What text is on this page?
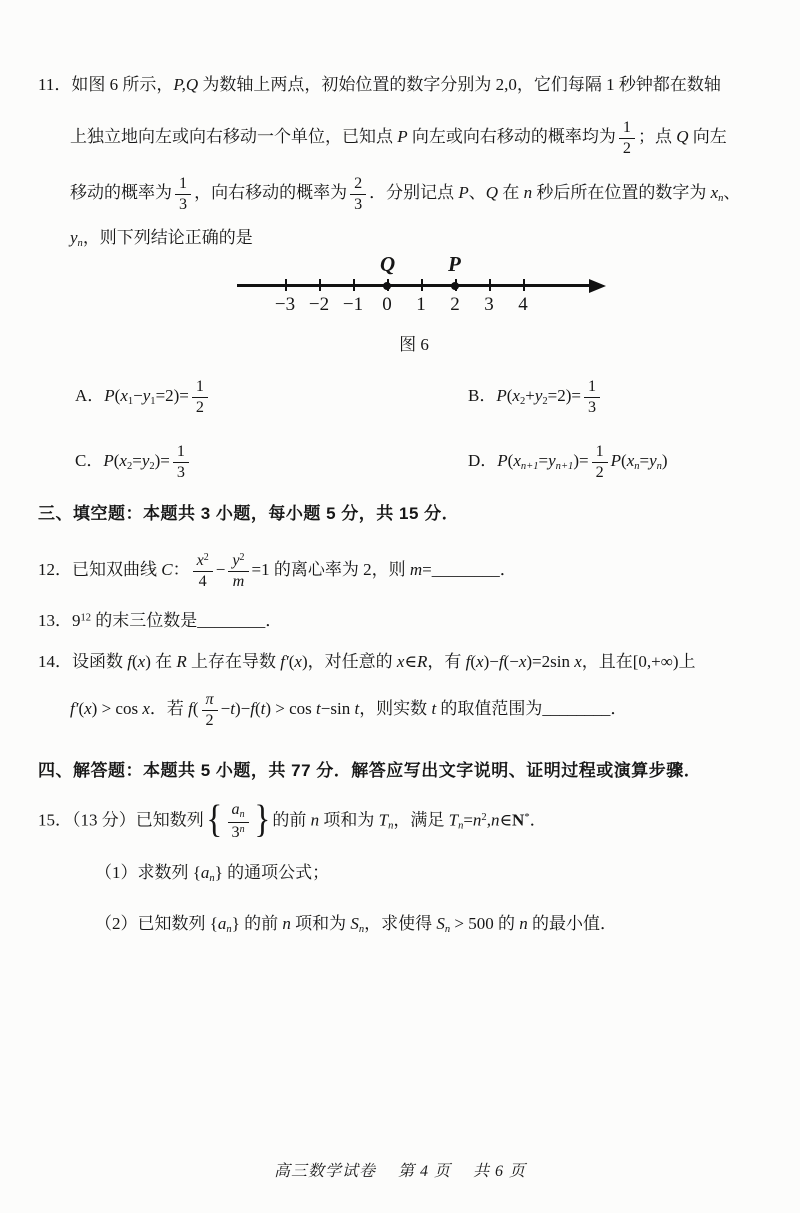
11．如图 6 所示，P,Q 为数轴上两点，初始位置的数字分别为 2,0，它们每隔 1 秒钟都在数轴
上独立地向左或向右移动一个单位，已知点 P 向左或向右移动的概率均为 $\frac{1}{2}$ ；点 Q 向左
移动的概率为 $\frac{1}{3}$ ，向右移动的概率为 $\frac{2}{3}$ ．分别记点 P、Q 在 n 秒后所在位置的数字为 xn、
yn，则下列结论正确的是
图 6
−3 −2 −1	0	1	2	3	4
Q	P
A．$P(x_1-y_1=2)= \frac{1}{2}$	B．$P(x_2+y_2=2)= \frac{1}{3}$
C．$P(x_2=y_2)= \frac{1}{3}$	D．$P(xn+1=yn+1)= \frac{1}{2} P(xn=yn)$
三、填空题：本题共 3 小题，每小题 5 分，共 15 分．
12．已知双曲线 C： $\frac{x^2}{4} - \frac{y^2}{m} =1$ 的离心率为 2，则 m=________．
13．$9^{12}$ 的末三位数是________．
14．设函数 f(x) 在 R 上存在导数 f′(x)，对任意的 x∈R，有 f(x)−f(−x)=2sin x，且在[0,+∞)上
f′(x) > cos x．若 $f( \frac{\pi}{2} -t)-f(t) > \cos t-\sin$ t，则实数 t 的取值范围为________．
四、解答题：本题共 5 小题，共 77 分．解答应写出文字说明、证明过程或演算步骤．
15．（13 分）已知数列{ $\frac{an}{3^n}$ } 的前 n 项和为 Tn，满足 $Tn=n^2,n\in N^*$．
（1）求数列 {an} 的通项公式；
（2）已知数列 {an} 的前 n 项和为 Sn，求使得 Sn > 500 的 n 的最小值．
高三数学试卷　 第 4 页 　共 6 页
